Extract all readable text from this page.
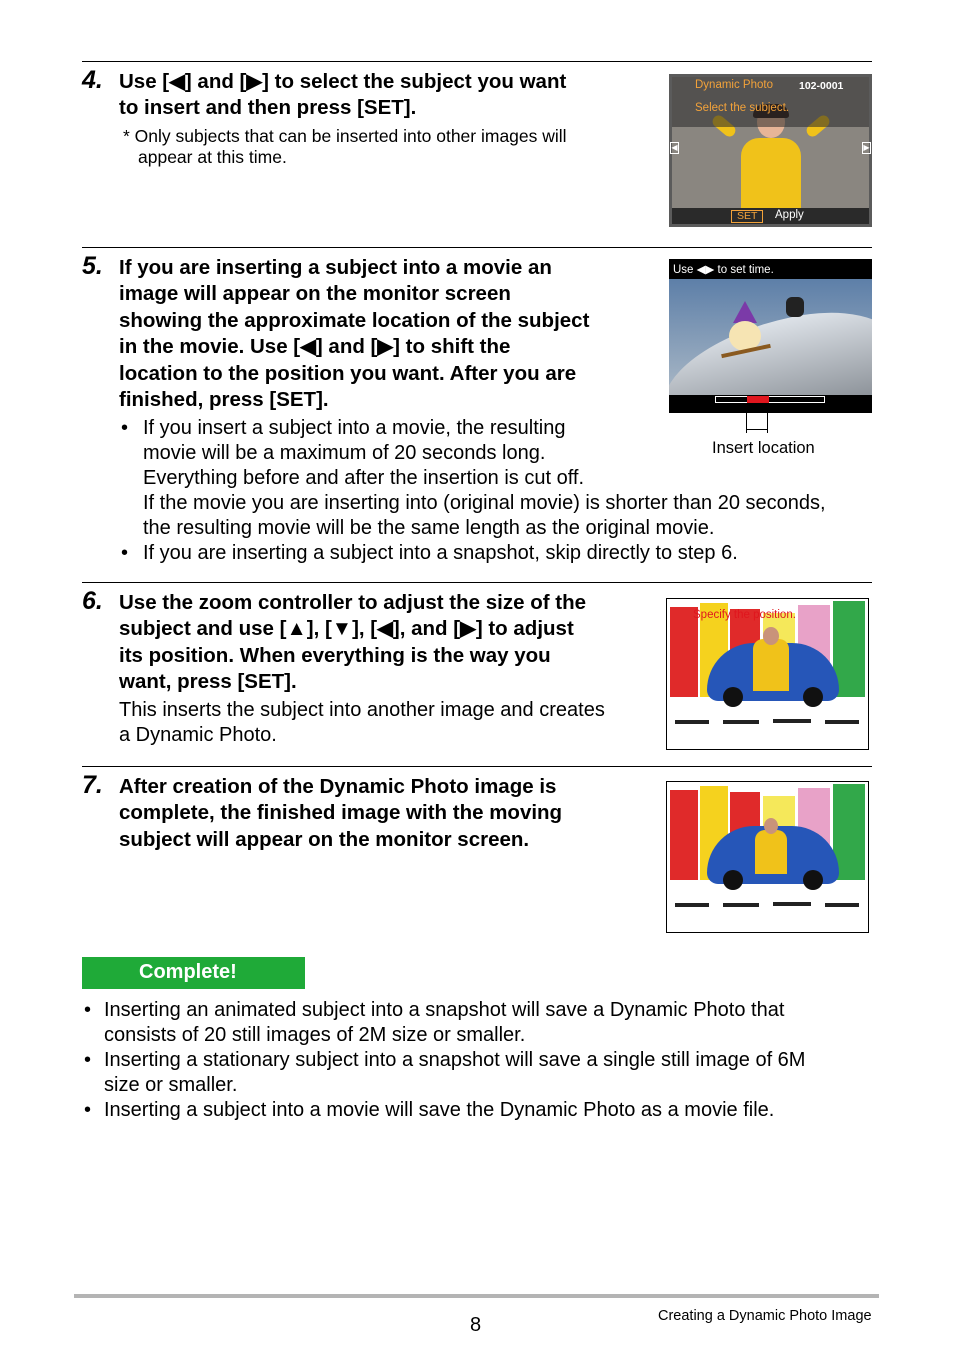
4. Use [◀] and [▶] to select the subject you want
to insert and then press [SET].
* Only subjects that can be inserted into other images will
appear at this time.
Dynamic Photo 102-0001
Select the subject.
◀	▶
SET	Apply
5. If you are inserting a subject into a movie an
image will appear on the monitor screen
showing the approximate location of the subject
in the movie. Use [◀] and [▶] to shift the
location to the position you want. After you are
finished, press [SET].
• If you insert a subject into a movie, the resulting
movie will be a maximum of 20 seconds long.
Everything before and after the insertion is cut off.
If the movie you are inserting into (original movie) is shorter than 20 seconds,
the resulting movie will be the same length as the original movie.
• If you are inserting a subject into a snapshot, skip directly to step 6.
Use ◀▶ to set time.
Insert location
6. Use the zoom controller to adjust the size of the
subject and use [▲], [▼], [◀], and [▶] to adjust
its position. When everything is the way you
want, press [SET].
This inserts the subject into another image and creates
a Dynamic Photo.
Specify the position.
7. After creation of the Dynamic Photo image is
complete, the finished image with the moving
subject will appear on the monitor screen.
Complete!
• Inserting an animated subject into a snapshot will save a Dynamic Photo that
consists of 20 still images of 2M size or smaller.
• Inserting a stationary subject into a snapshot will save a single still image of 6M
size or smaller.
• Inserting a subject into a movie will save the Dynamic Photo as a movie file.
8	Creating a Dynamic Photo Image
